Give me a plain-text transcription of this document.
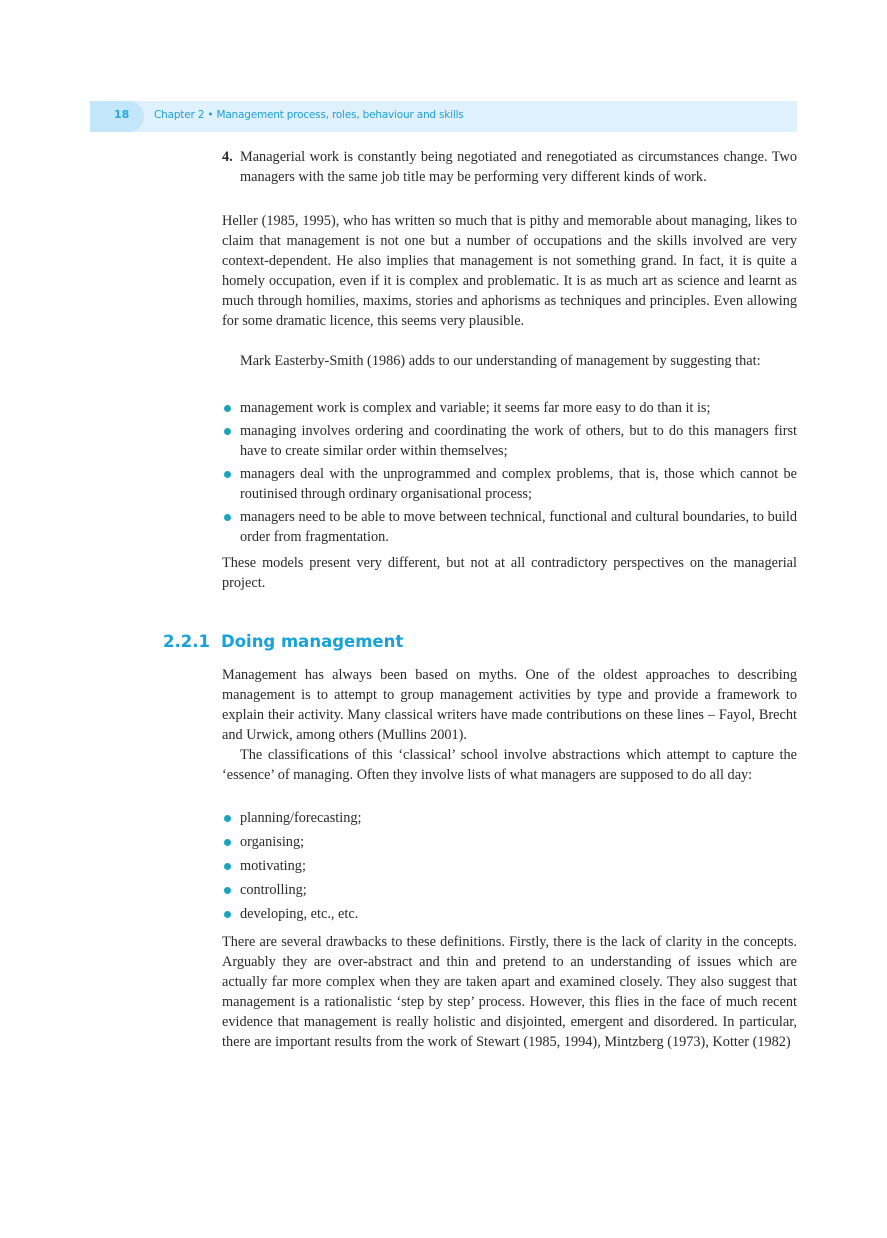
18 Chapter 2 • Management process, roles, behaviour and skills
4. Managerial work is constantly being negotiated and renegotiated as circumstances change. Two managers with the same job title may be performing very different kinds of work.
Heller (1985, 1995), who has written so much that is pithy and memorable about managing, likes to claim that management is not one but a number of occupations and the skills involved are very context-dependent. He also implies that management is not something grand. In fact, it is quite a homely occupation, even if it is complex and problematic. It is as much art as science and learnt as much through homilies, maxims, stories and aphorisms as techniques and principles. Even allowing for some dramatic licence, this seems very plausible.
Mark Easterby-Smith (1986) adds to our understanding of management by suggesting that:
management work is complex and variable; it seems far more easy to do than it is;
managing involves ordering and coordinating the work of others, but to do this managers first have to create similar order within themselves;
managers deal with the unprogrammed and complex problems, that is, those which cannot be routinised through ordinary organisational process;
managers need to be able to move between technical, functional and cultural boundaries, to build order from fragmentation.
These models present very different, but not at all contradictory perspectives on the managerial project.
2.2.1 Doing management
Management has always been based on myths. One of the oldest approaches to describing management is to attempt to group management activities by type and provide a framework to explain their activity. Many classical writers have made contributions on these lines – Fayol, Brecht and Urwick, among others (Mullins 2001).
The classifications of this ‘classical’ school involve abstractions which attempt to capture the ‘essence’ of managing. Often they involve lists of what managers are supposed to do all day:
planning/forecasting;
organising;
motivating;
controlling;
developing, etc., etc.
There are several drawbacks to these definitions. Firstly, there is the lack of clarity in the concepts. Arguably they are over-abstract and thin and pretend to an understanding of issues which are actually far more complex when they are taken apart and examined closely. They also suggest that management is a rationalistic ‘step by step’ process. However, this flies in the face of much recent evidence that management is really holistic and disjointed, emergent and disordered. In particular, there are important results from the work of Stewart (1985, 1994), Mintzberg (1973), Kotter (1982)
